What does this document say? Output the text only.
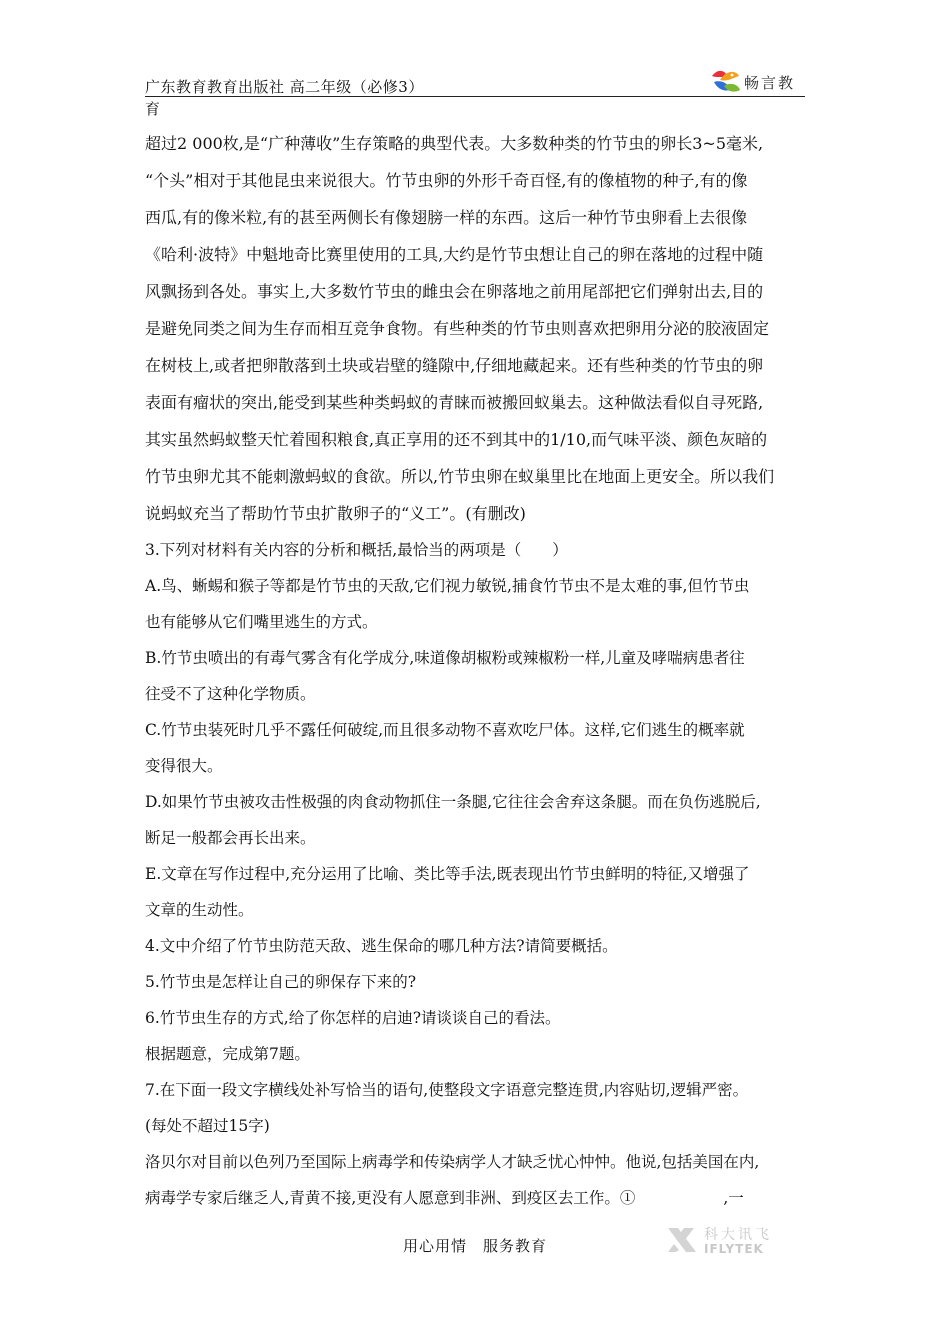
广东教育教育出版社 高二年级（必修3）
育
畅言教
超过2 000枚,是“广种薄收”生存策略的典型代表。大多数种类的竹节虫的卵长3~5毫米,
“个头”相对于其他昆虫来说很大。竹节虫卵的外形千奇百怪,有的像植物的种子,有的像
西瓜,有的像米粒,有的甚至两侧长有像翅膀一样的东西。这后一种竹节虫卵看上去很像
《哈利·波特》中魁地奇比赛里使用的工具,大约是竹节虫想让自己的卵在落地的过程中随
风飘扬到各处。事实上,大多数竹节虫的雌虫会在卵落地之前用尾部把它们弹射出去,目的
是避免同类之间为生存而相互竞争食物。有些种类的竹节虫则喜欢把卵用分泌的胶液固定
在树枝上,或者把卵散落到土块或岩壁的缝隙中,仔细地藏起来。还有些种类的竹节虫的卵
表面有瘤状的突出,能受到某些种类蚂蚁的青睐而被搬回蚁巢去。这种做法看似自寻死路,
其实虽然蚂蚁整天忙着囤积粮食,真正享用的还不到其中的1/10,而气味平淡、颜色灰暗的
竹节虫卵尤其不能刺激蚂蚁的食欲。所以,竹节虫卵在蚁巢里比在地面上更安全。所以我们
说蚂蚁充当了帮助竹节虫扩散卵子的“义工”。(有删改)
3.下列对材料有关内容的分析和概括,最恰当的两项是（　　）
A.鸟、蜥蜴和猴子等都是竹节虫的天敌,它们视力敏锐,捕食竹节虫不是太难的事,但竹节虫
也有能够从它们嘴里逃生的方式。
B.竹节虫喷出的有毒气雾含有化学成分,味道像胡椒粉或辣椒粉一样,儿童及哮喘病患者往
往受不了这种化学物质。
C.竹节虫装死时几乎不露任何破绽,而且很多动物不喜欢吃尸体。这样,它们逃生的概率就
变得很大。
D.如果竹节虫被攻击性极强的肉食动物抓住一条腿,它往往会舍弃这条腿。而在负伤逃脱后,
断足一般都会再长出来。
E.文章在写作过程中,充分运用了比喻、类比等手法,既表现出竹节虫鲜明的特征,又增强了
文章的生动性。
4.文中介绍了竹节虫防范天敌、逃生保命的哪几种方法?请简要概括。
5.竹节虫是怎样让自己的卵保存下来的?
6.竹节虫生存的方式,给了你怎样的启迪?请谈谈自己的看法。
根据题意，完成第7题。
7.在下面一段文字横线处补写恰当的语句,使整段文字语意完整连贯,内容贴切,逻辑严密。
(每处不超过15字)
洛贝尔对目前以色列乃至国际上病毒学和传染病学人才缺乏忧心忡忡。他说,包括美国在内,
病毒学专家后继乏人,青黄不接,更没有人愿意到非洲、到疫区去工作。①	,一
科大讯飞
IFLYTEK
用心用情　服务教育
